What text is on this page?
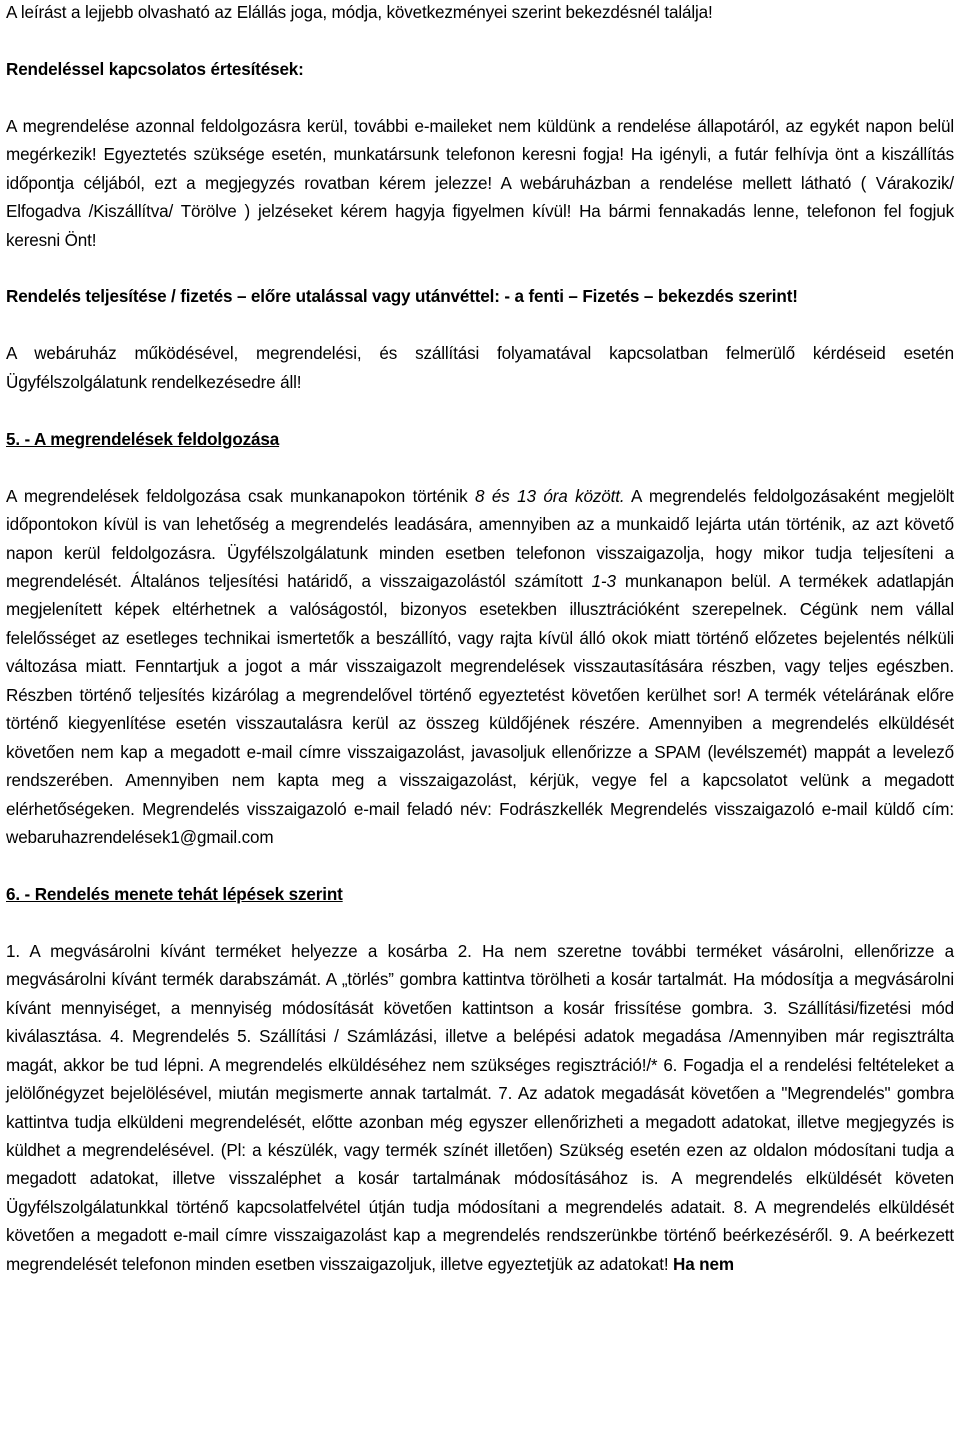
A leírást a lejjebb olvasható az Elállás joga, módja, következményei szerint bekezdésnél találja!

Rendeléssel kapcsolatos értesítések:

A megrendelése azonnal feldolgozásra kerül, további e-maileket nem küldünk a rendelése állapotáról, az egykét napon belül megérkezik! Egyeztetés szüksége esetén, munkatársunk telefonon keresni fogja! Ha igényli, a futár felhívja önt a kiszállítás időpontja céljából, ezt a megjegyzés rovatban kérem jelezze! A webáruházban a rendelése mellett látható ( Várakozik/ Elfogadva /Kiszállítva/ Törölve ) jelzéseket kérem hagyja figyelmen kívül! Ha bármi fennakadás lenne, telefonon fel fogjuk keresni Önt!

Rendelés teljesítése / fizetés – előre utalással vagy utánvéttel: - a fenti – Fizetés – bekezdés szerint!

A webáruház működésével, megrendelési, és szállítási folyamatával kapcsolatban felmerülő kérdéseid esetén Ügyfélszolgálatunk rendelkezésedre áll!

5. - A megrendelések feldolgozása

A megrendelések feldolgozása csak munkanapokon történik 8 és 13 óra között. A megrendelés feldolgozásaként megjelölt időpontokon kívül is van lehetőség a megrendelés leadására, amennyiben az a munkaidő lejárta után történik, az azt követő napon kerül feldolgozásra. Ügyfélszolgálatunk minden esetben telefonon visszaigazolja, hogy mikor tudja teljesíteni a megrendelését. Általános teljesítési határidő, a visszaigazolástól számított 1-3 munkanapon belül. A termékek adatlapján megjelenített képek eltérhetnek a valóságostól, bizonyos esetekben illusztrációként szerepelnek. Cégünk nem vállal felelősséget az esetleges technikai ismertetők a beszállító, vagy rajta kívül álló okok miatt történő előzetes bejelentés nélküli változása miatt. Fenntartjuk a jogot a már visszaigazolt megrendelések visszautasítására részben, vagy teljes egészben. Részben történő teljesítés kizárólag a megrendelővel történő egyeztetést követően kerülhet sor! A termék vételárának előre történő kiegyenlítése esetén visszautalásra kerül az összeg küldőjének részére. Amennyiben a megrendelés elküldését követően nem kap a megadott e-mail címre visszaigazolást, javasoljuk ellenőrizze a SPAM (levélszemét) mappát a levelező rendszerében. Amennyiben nem kapta meg a visszaigazolást, kérjük, vegye fel a kapcsolatot velünk a megadott elérhetőségeken. Megrendelés visszaigazoló e-mail feladó név: Fodrászkellék Megrendelés visszaigazoló e-mail küldő cím: webaruhazrendelések1@gmail.com

6. - Rendelés menete tehát lépések szerint

1. A megvásárolni kívánt terméket helyezze a kosárba 2. Ha nem szeretne további terméket vásárolni, ellenőrizze a megvásárolni kívánt termék darabszámát. A „törlés” gombra kattintva törölheti a kosár tartalmát. Ha módosítja a megvásárolni kívánt mennyiséget, a mennyiség módosítását követően kattintson a kosár frissítése gombra. 3. Szállítási/fizetési mód kiválasztása. 4. Megrendelés 5. Szállítási / Számlázási, illetve a belépési adatok megadása /Amennyiben már regisztrálta magát, akkor be tud lépni. A megrendelés elküldéséhez nem szükséges regisztráció!/* 6. Fogadja el a rendelési feltételeket a jelölőnégyzet bejelölésével, miután megismerte annak tartalmát. 7. Az adatok megadását követően a "Megrendelés" gombra kattintva tudja elküldeni megrendelését, előtte azonban még egyszer ellenőrizheti a megadott adatokat, illetve megjegyzés is küldhet a megrendelésével. (Pl: a készülék, vagy termék színét illetően) Szükség esetén ezen az oldalon módosítani tudja a megadott adatokat, illetve visszaléphet a kosár tartalmának módosításához is. A megrendelés elküldését követen Ügyfélszolgálatunkkal történő kapcsolatfelvétel útján tudja módosítani a megrendelés adatait. 8. A megrendelés elküldését követően a megadott e-mail címre visszaigazolást kap a megrendelés rendszerünkbe történő beérkezéséről. 9. A beérkezett megrendelését telefonon minden esetben visszaigazoljuk, illetve egyeztetjük az adatokat! Ha nem
